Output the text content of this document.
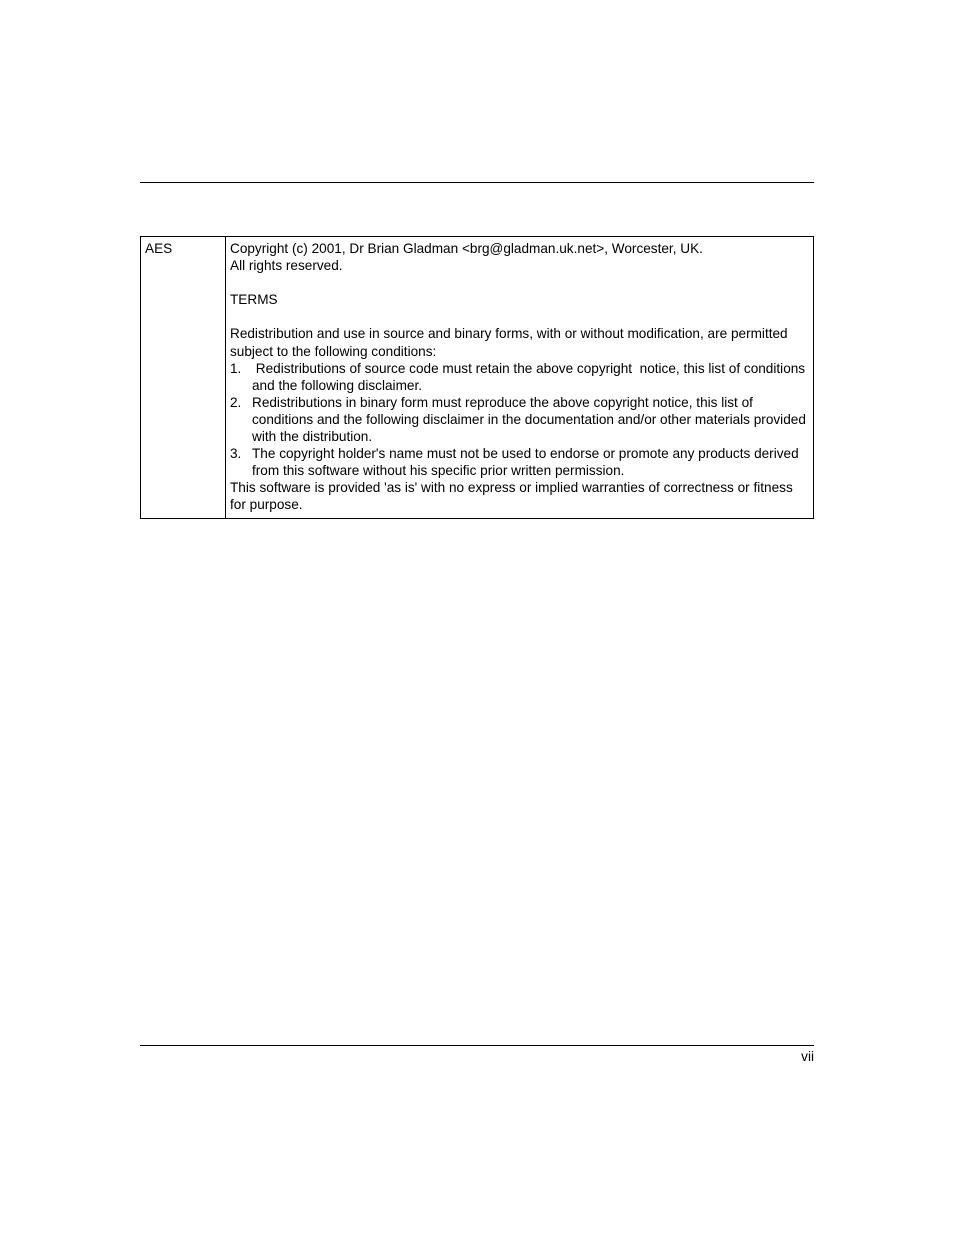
AES	Copyright (c) 2001, Dr Brian Gladman <brg@gladman.uk.net>, Worcester, UK.
All rights reserved.
TERMS
Redistribution and use in source and binary forms, with or without modification, are permitted subject to the following conditions:
1. Redistributions of source code must retain the above copyright  notice, this list of conditions and the following disclaimer.
2. Redistributions in binary form must reproduce the above copyright notice, this list of conditions and the following disclaimer in the documentation and/or other materials provided with the distribution.
3. The copyright holder's name must not be used to endorse or promote any products derived from this software without his specific prior written permission.
This software is provided 'as is' with no express or implied warranties of correctness or fitness for purpose.
vii
